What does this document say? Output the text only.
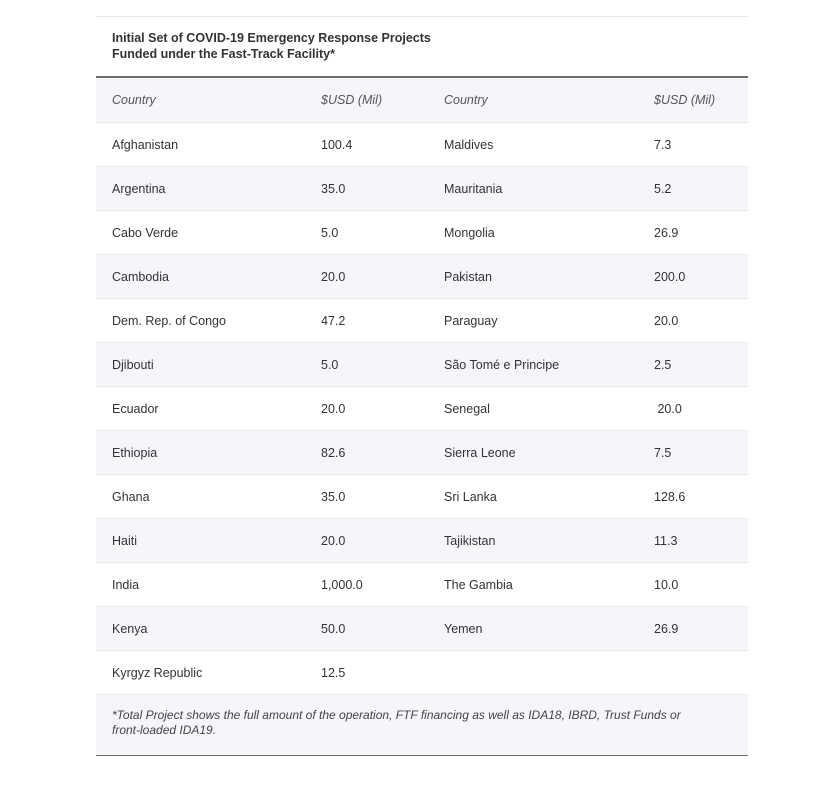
Initial Set of COVID-19 Emergency Response Projects
Funded under the Fast-Track Facility*
Country	$USD (Mil)	Country	$USD (Mil)
Afghanistan	100.4	Maldives	7.3
Argentina	35.0	Mauritania	5.2
Cabo Verde	5.0	Mongolia	26.9
Cambodia	20.0	Pakistan	200.0
Dem. Rep. of Congo	47.2	Paraguay	20.0
Djibouti	5.0	São Tomé e Principe	2.5
Ecuador	20.0	Senegal	20.0
Ethiopia	82.6	Sierra Leone	7.5
Ghana	35.0	Sri Lanka	128.6
Haiti	20.0	Tajikistan	11.3
India	1,000.0	The Gambia	10.0
Kenya	50.0	Yemen	26.9
Kyrgyz Republic	12.5		
*Total Project shows the full amount of the operation, FTF financing as well as IDA18, IBRD, Trust Funds or front-loaded IDA19.
